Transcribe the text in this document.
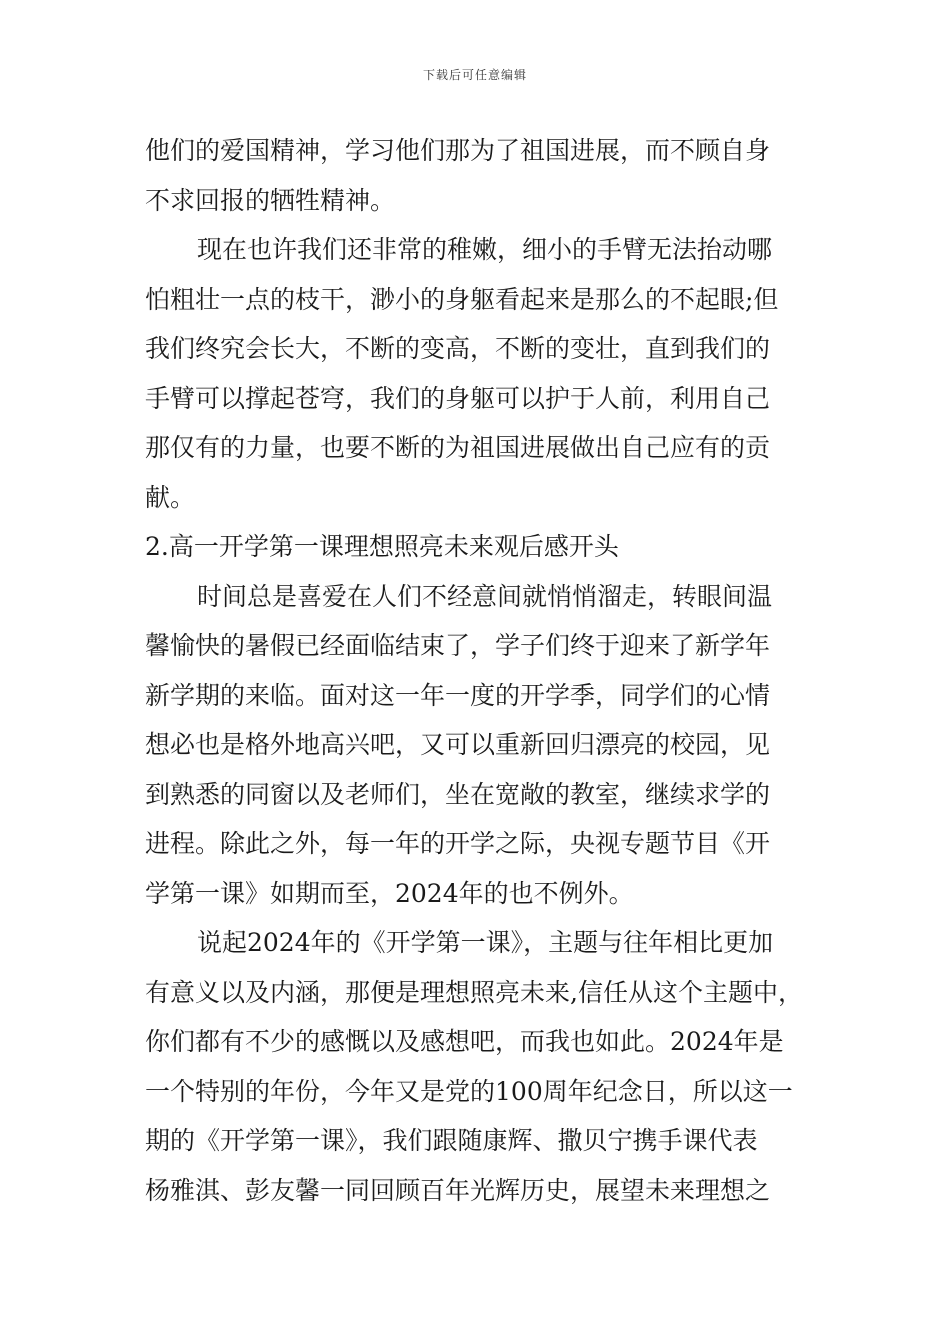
下载后可任意编辑
他们的爱国精神，学习他们那为了祖国进展，而不顾自身
不求回报的牺牲精神。
现在也许我们还非常的稚嫩，细小的手臂无法抬动哪
怕粗壮一点的枝干，渺小的身躯看起来是那么的不起眼;但
我们终究会长大，不断的变高，不断的变壮，直到我们的
手臂可以撑起苍穹，我们的身躯可以护于人前，利用自己
那仅有的力量，也要不断的为祖国进展做出自己应有的贡
献。
2.高一开学第一课理想照亮未来观后感开头
时间总是喜爱在人们不经意间就悄悄溜走，转眼间温
馨愉快的暑假已经面临结束了，学子们终于迎来了新学年
新学期的来临。面对这一年一度的开学季，同学们的心情
想必也是格外地高兴吧，又可以重新回归漂亮的校园，见
到熟悉的同窗以及老师们，坐在宽敞的教室，继续求学的
进程。除此之外，每一年的开学之际，央视专题节目《开
学第一课》如期而至，2024年的也不例外。
说起2024年的《开学第一课》，主题与往年相比更加
有意义以及内涵，那便是理想照亮未来,信任从这个主题中，
你们都有不少的感慨以及感想吧，而我也如此。2024年是
一个特别的年份，今年又是党的100周年纪念日，所以这一
期的《开学第一课》，我们跟随康辉、撒贝宁携手课代表
杨雅淇、彭友馨一同回顾百年光辉历史，展望未来理想之
